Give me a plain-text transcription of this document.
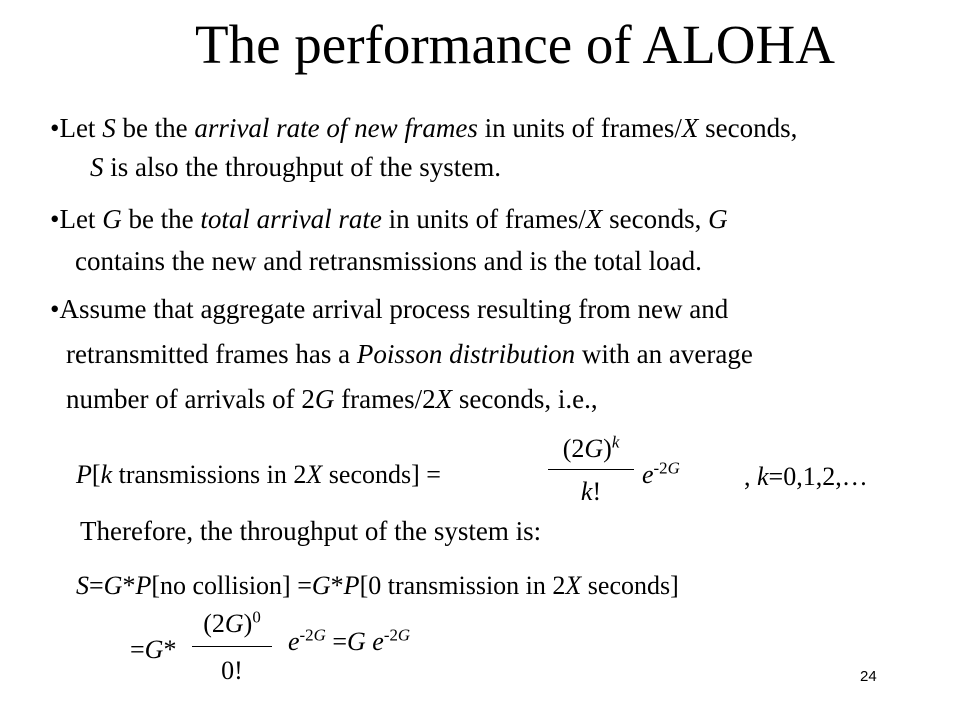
The performance of ALOHA
•Let S be the arrival rate of new frames in units of frames/X seconds,
S is also the throughput of the system.
•Let G be the total arrival rate in units of frames/X seconds, G
contains the new and retransmissions and is the total load.
•Assume that aggregate arrival process resulting from new and
retransmitted frames has a Poisson distribution with an average
number of arrivals of 2G frames/2X seconds, i.e.,
P[k transmissions in 2X seconds] =
$(2G)^k$
k!
$e^{-2G}$ , k=0,1,2,…
Therefore, the throughput of the system is:
S=G*P[no collision] =G*P[0 transmission in 2X seconds]
=G*
$(2G)^0$
0!
$e^{-2G} =G$ $e^{-2G}$
24
